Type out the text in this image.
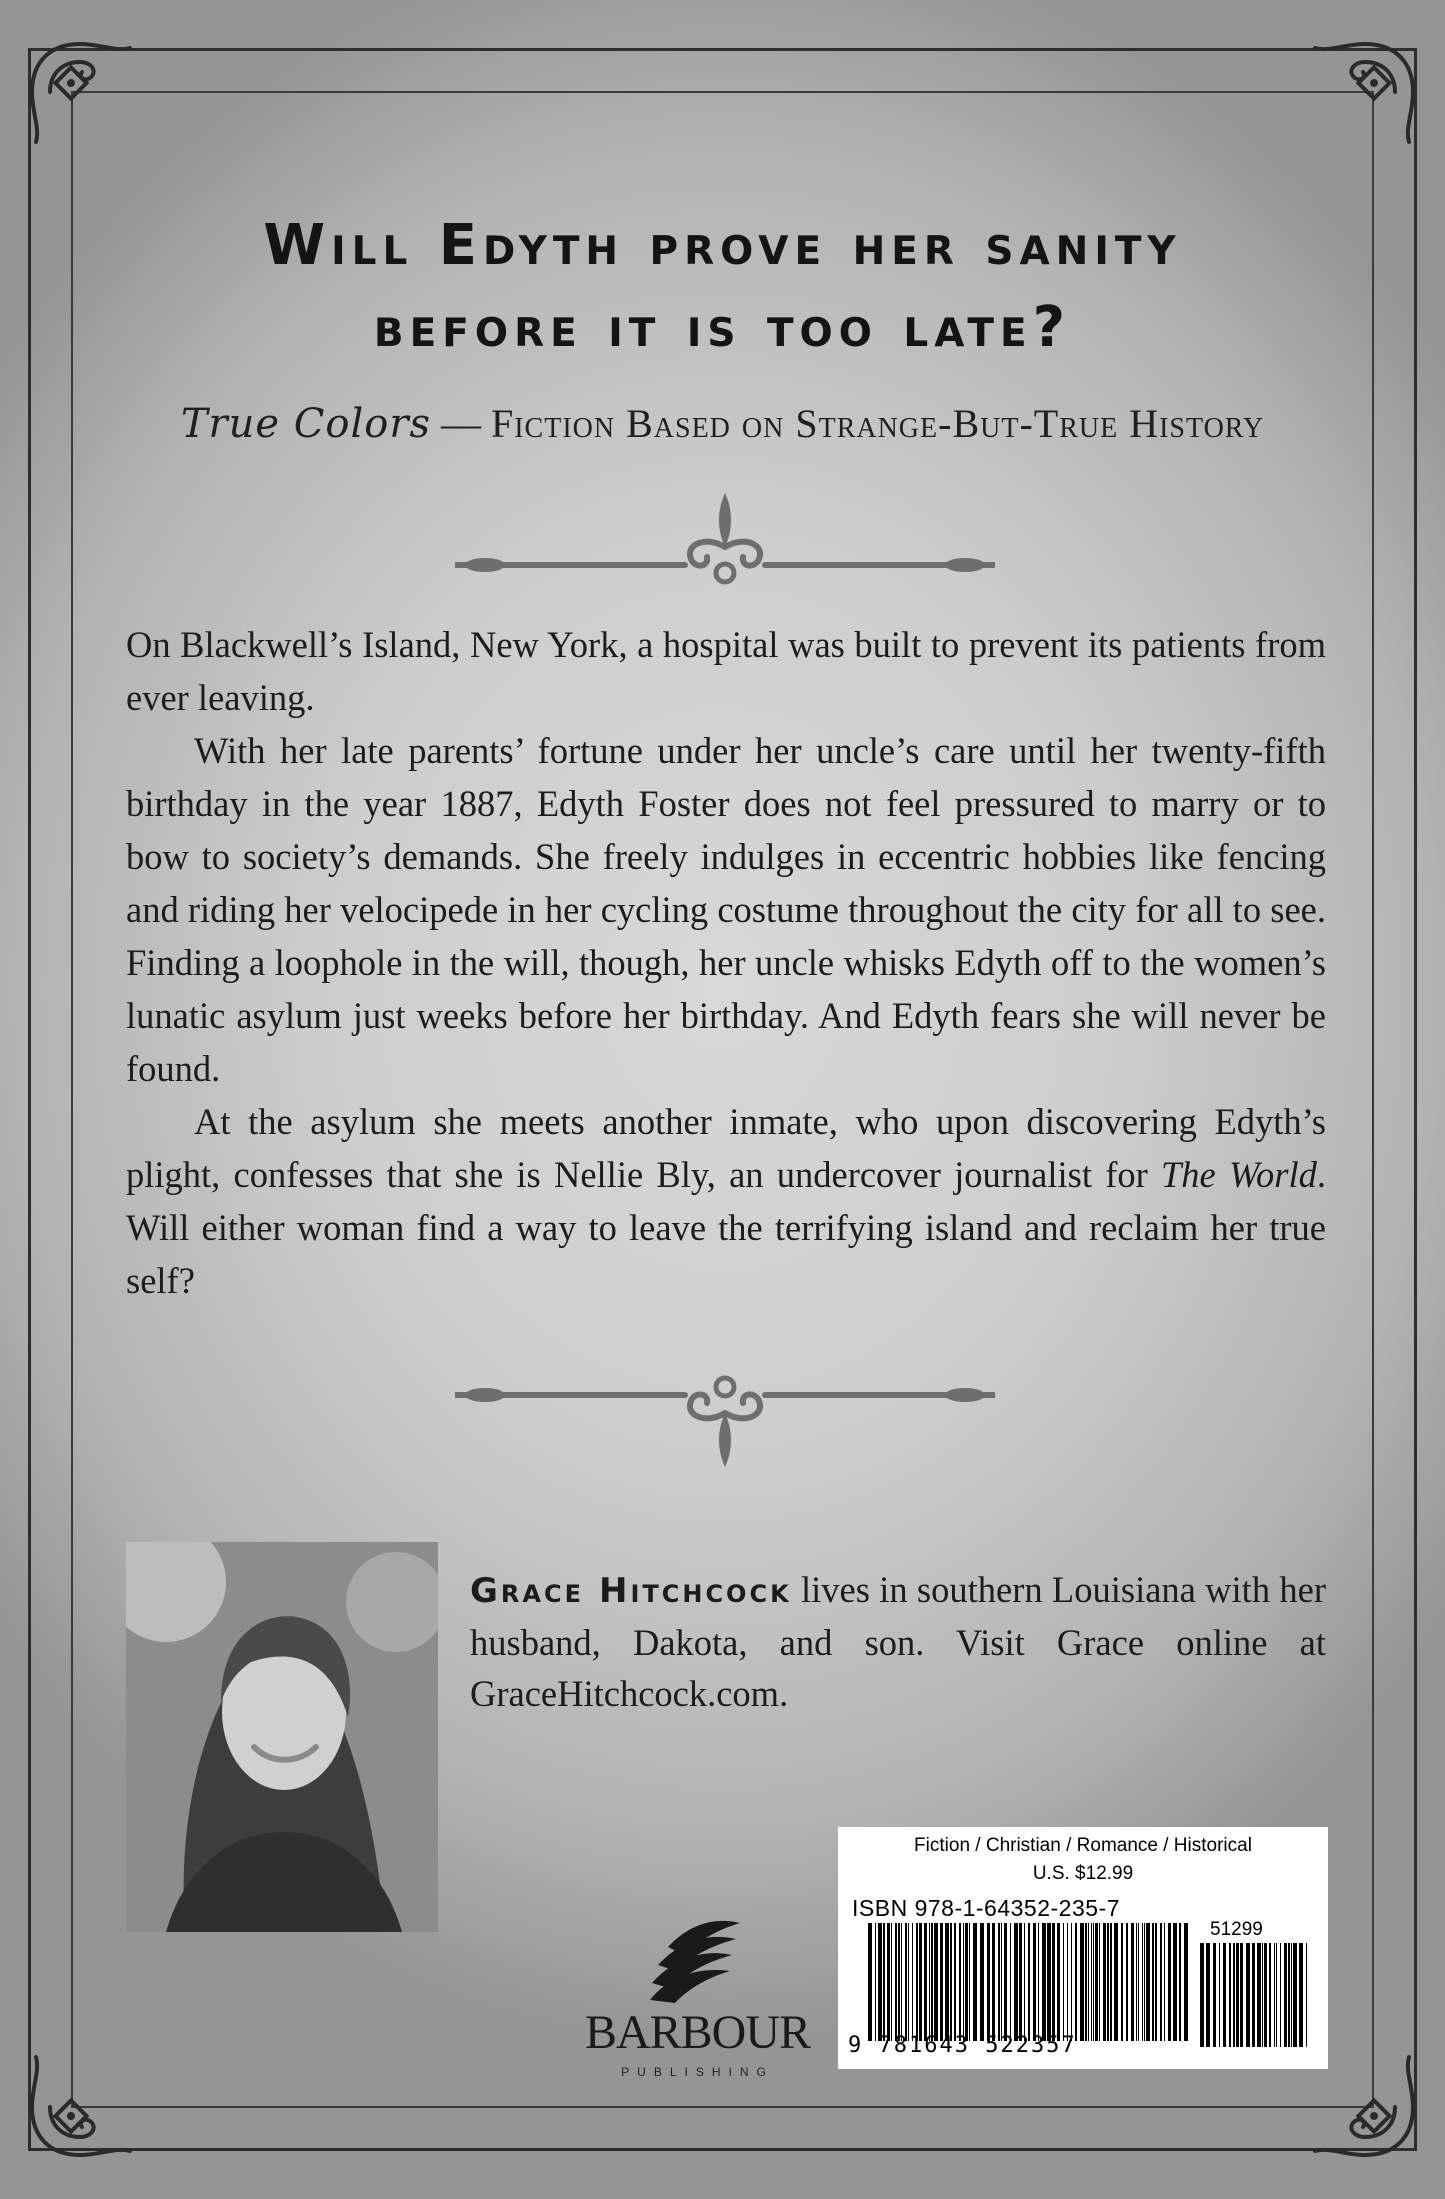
Will Edyth prove her sanity
before it is too late?
True Colors — Fiction Based on Strange-But-True History

On Blackwell’s Island, New York, a hospital was built to prevent its patients from ever leaving.

With her late parents’ fortune under her uncle’s care until her twenty-fifth birthday in the year 1887, Edyth Foster does not feel pressured to marry or to bow to society’s demands. She freely indulges in eccentric hobbies like fencing and riding her velocipede in her cycling costume throughout the city for all to see. Finding a loophole in the will, though, her uncle whisks Edyth off to the women’s lunatic asylum just weeks before her birthday. And Edyth fears she will never be found.

At the asylum she meets another inmate, who upon discovering Edyth’s plight, confesses that she is Nellie Bly, an undercover journalist for The World. Will either woman find a way to leave the terrifying island and reclaim her true self?

Grace Hitchcock lives in southern Louisiana with her husband, Dakota, and son. Visit Grace online at GraceHitchcock.com.
BARBOUR
PUBLISHING
Fiction / Christian / Romance / Historical
U.S. $12.99
ISBN 978-1-64352-235-7
51299
9 781643 522357
